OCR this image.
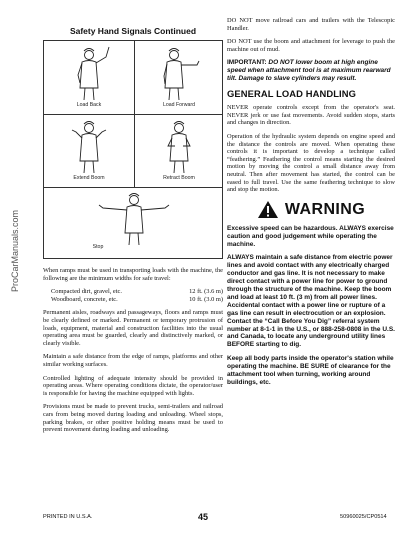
ProCarManuals.com
Safety Hand Signals Continued
Load Back	Load Forward
Extend Boom	Retract Boom
Stop

When ramps must be used in transporting loads with the machine, the following are the minimum widths for safe travel:

Compacted dirt, gravel, etc.	12 ft. (3.6 m)
Woodboard, concrete, etc.	10 ft. (3.0 m)

Permanent aisles, roadways and passageways, floors and ramps must be clearly defined or marked. Permanent or temporary protrusion of loads, equipment, material and construction facilities into the usual operating area must be guarded, clearly and distinctively marked, or clearly visible.

Maintain a safe distance from the edge of ramps, platforms and other similar working surfaces.

Controlled lighting of adequate intensity should be provided in operating areas. Where operating conditions dictate, the operator/user is responsible for having the machine equipped with lights.

Provisions must be made to prevent trucks, semi-trailers and railroad cars from being moved during loading and unloading. Wheel stops, parking brakes, or other positive holding means must be used to prevent movement during loading and unloading.

DO NOT move railroad cars and trailers with the Telescopic Handler.

DO NOT use the boom and attachment for leverage to push the machine out of mud.

IMPORTANT: DO NOT lower boom at high engine speed when attachment tool is at maximum rearward tilt. Damage to slave cylinders may result.

GENERAL LOAD HANDLING

NEVER operate controls except from the operator's seat. NEVER jerk or use fast movements. Avoid sudden stops, starts and changes in direction.

Operation of the hydraulic system depends on engine speed and the distance the controls are moved. When operating these controls it is important to develop a technique called “feathering.” Feathering the control means starting the desired motion by moving the control a small distance away from neutral. Then after movement has started, the control can be eased to full travel. Use the same feathering technique to slow and stop the motion.

WARNING

Excessive speed can be hazardous. ALWAYS exercise caution and good judgement while operating the machine.

ALWAYS maintain a safe distance from electric power lines and avoid contact with any electrically charged conductor and gas line. It is not necessary to make direct contact with a power line for power to ground through the structure of the machine. Keep the boom and load at least 10 ft. (3 m) from all power lines. Accidental contact with a power line or rupture of a gas line can result in electrocution or an explosion. Contact the “Call Before You Dig” referral system number at 8-1-1 in the U.S., or 888-258-0808 in the U.S. and Canada, to locate any underground utility lines BEFORE starting to dig.

Keep all body parts inside the operator's station while operating the machine. BE SURE of clearance for the attachment tool when turning, working around buildings, etc.

PRINTED IN U.S.A.	45	50960025/CP0514
